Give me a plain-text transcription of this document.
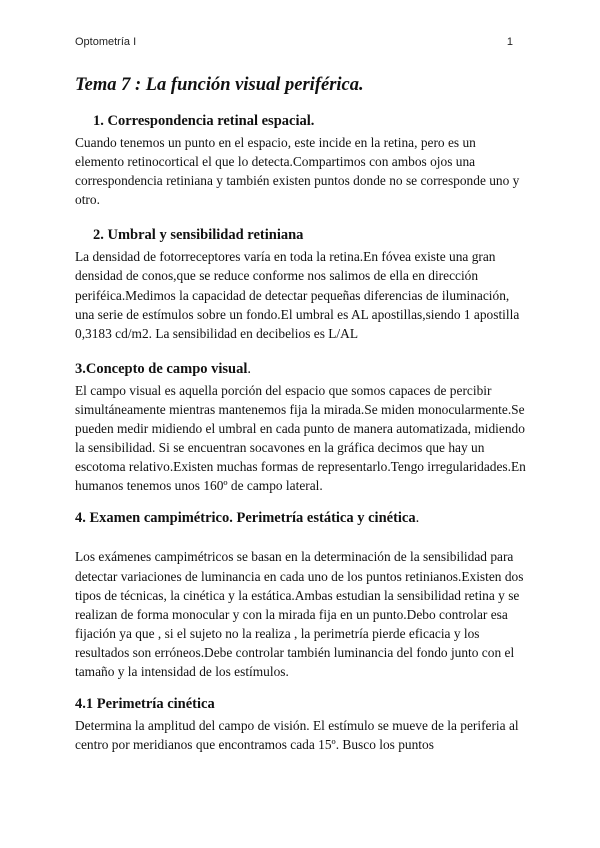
Optometría I	1
Tema 7 : La función visual periférica.
1. Correspondencia retinal espacial.

Cuando tenemos un punto en el espacio, este incide en la retina, pero es un elemento retinocortical el que lo detecta.Compartimos con ambos ojos una correspondencia retiniana y también existen puntos donde no se corresponde uno y otro.

2. Umbral y sensibilidad retiniana

La densidad de fotorreceptores varía en toda la retina.En fóvea existe una gran densidad de conos,que se reduce conforme nos salimos de ella en dirección periféica.Medimos la capacidad de detectar pequeñas diferencias de iluminación, una serie de estímulos sobre un fondo.El umbral es AL apostillas,siendo 1 apostilla 0,3183 cd/m2. La sensibilidad en decibelios es L/AL

3.Concepto de campo visual.

El campo visual es aquella porción del espacio que somos capaces de percibir simultáneamente mientras mantenemos fija la mirada.Se miden monocularmente.Se pueden medir midiendo el umbral en cada punto de manera automatizada, midiendo la sensibilidad. Si se encuentran socavones en la gráfica decimos que hay un escotoma relativo.Existen muchas formas de representarlo.Tengo irregularidades.En humanos tenemos unos 160º de campo lateral.

4. Examen campimétrico. Perimetría estática y cinética.

Los exámenes campimétricos se basan en la determinación de la sensibilidad para detectar variaciones de luminancia en cada uno de los puntos retinianos.Existen dos tipos de técnicas, la cinética y la estática.Ambas estudian la sensibilidad retina y se realizan de forma monocular y con la mirada fija en un punto.Debo controlar esa fijación ya que , si el sujeto no la realiza , la perimetría pierde eficacia y los resultados son erróneos.Debe controlar también luminancia del fondo junto con el tamaño y la intensidad de los estímulos.

4.1 Perimetría cinética

Determina la amplitud del campo de visión. El estímulo se mueve de la periferia al centro por meridianos que encontramos cada 15º. Busco los puntos
